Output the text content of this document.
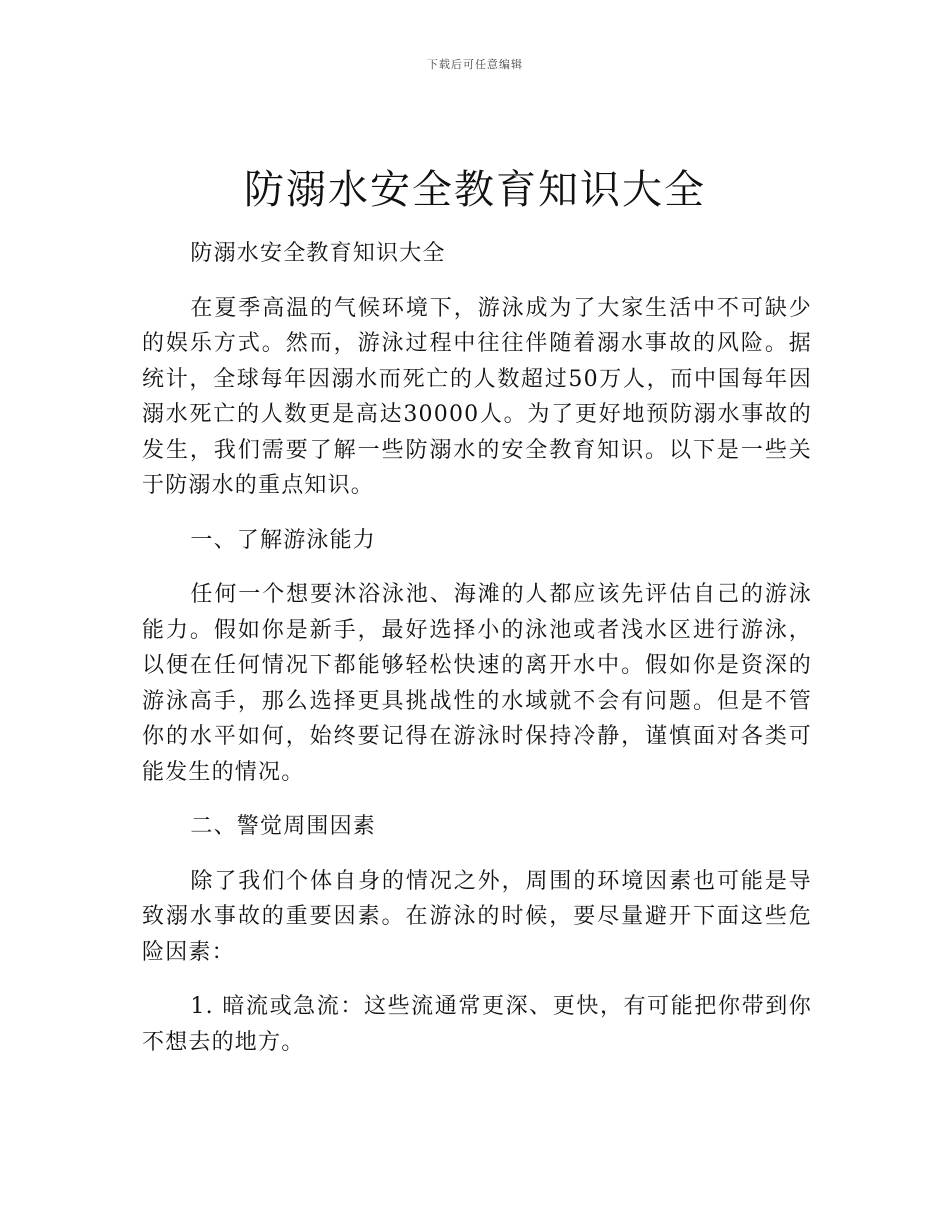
下载后可任意编辑
防溺水安全教育知识大全

防溺水安全教育知识大全

在夏季高温的气候环境下，游泳成为了大家生活中不可缺少的娱乐方式。然而，游泳过程中往往伴随着溺水事故的风险。据统计，全球每年因溺水而死亡的人数超过50万人，而中国每年因溺水死亡的人数更是高达30000人。为了更好地预防溺水事故的发生，我们需要了解一些防溺水的安全教育知识。以下是一些关于防溺水的重点知识。

一、了解游泳能力

任何一个想要沐浴泳池、海滩的人都应该先评估自己的游泳能力。假如你是新手，最好选择小的泳池或者浅水区进行游泳，以便在任何情况下都能够轻松快速的离开水中。假如你是资深的游泳高手，那么选择更具挑战性的水域就不会有问题。但是不管你的水平如何，始终要记得在游泳时保持冷静，谨慎面对各类可能发生的情况。

二、警觉周围因素

除了我们个体自身的情况之外，周围的环境因素也可能是导致溺水事故的重要因素。在游泳的时候，要尽量避开下面这些危险因素：

1. 暗流或急流：这些流通常更深、更快，有可能把你带到你不想去的地方。
